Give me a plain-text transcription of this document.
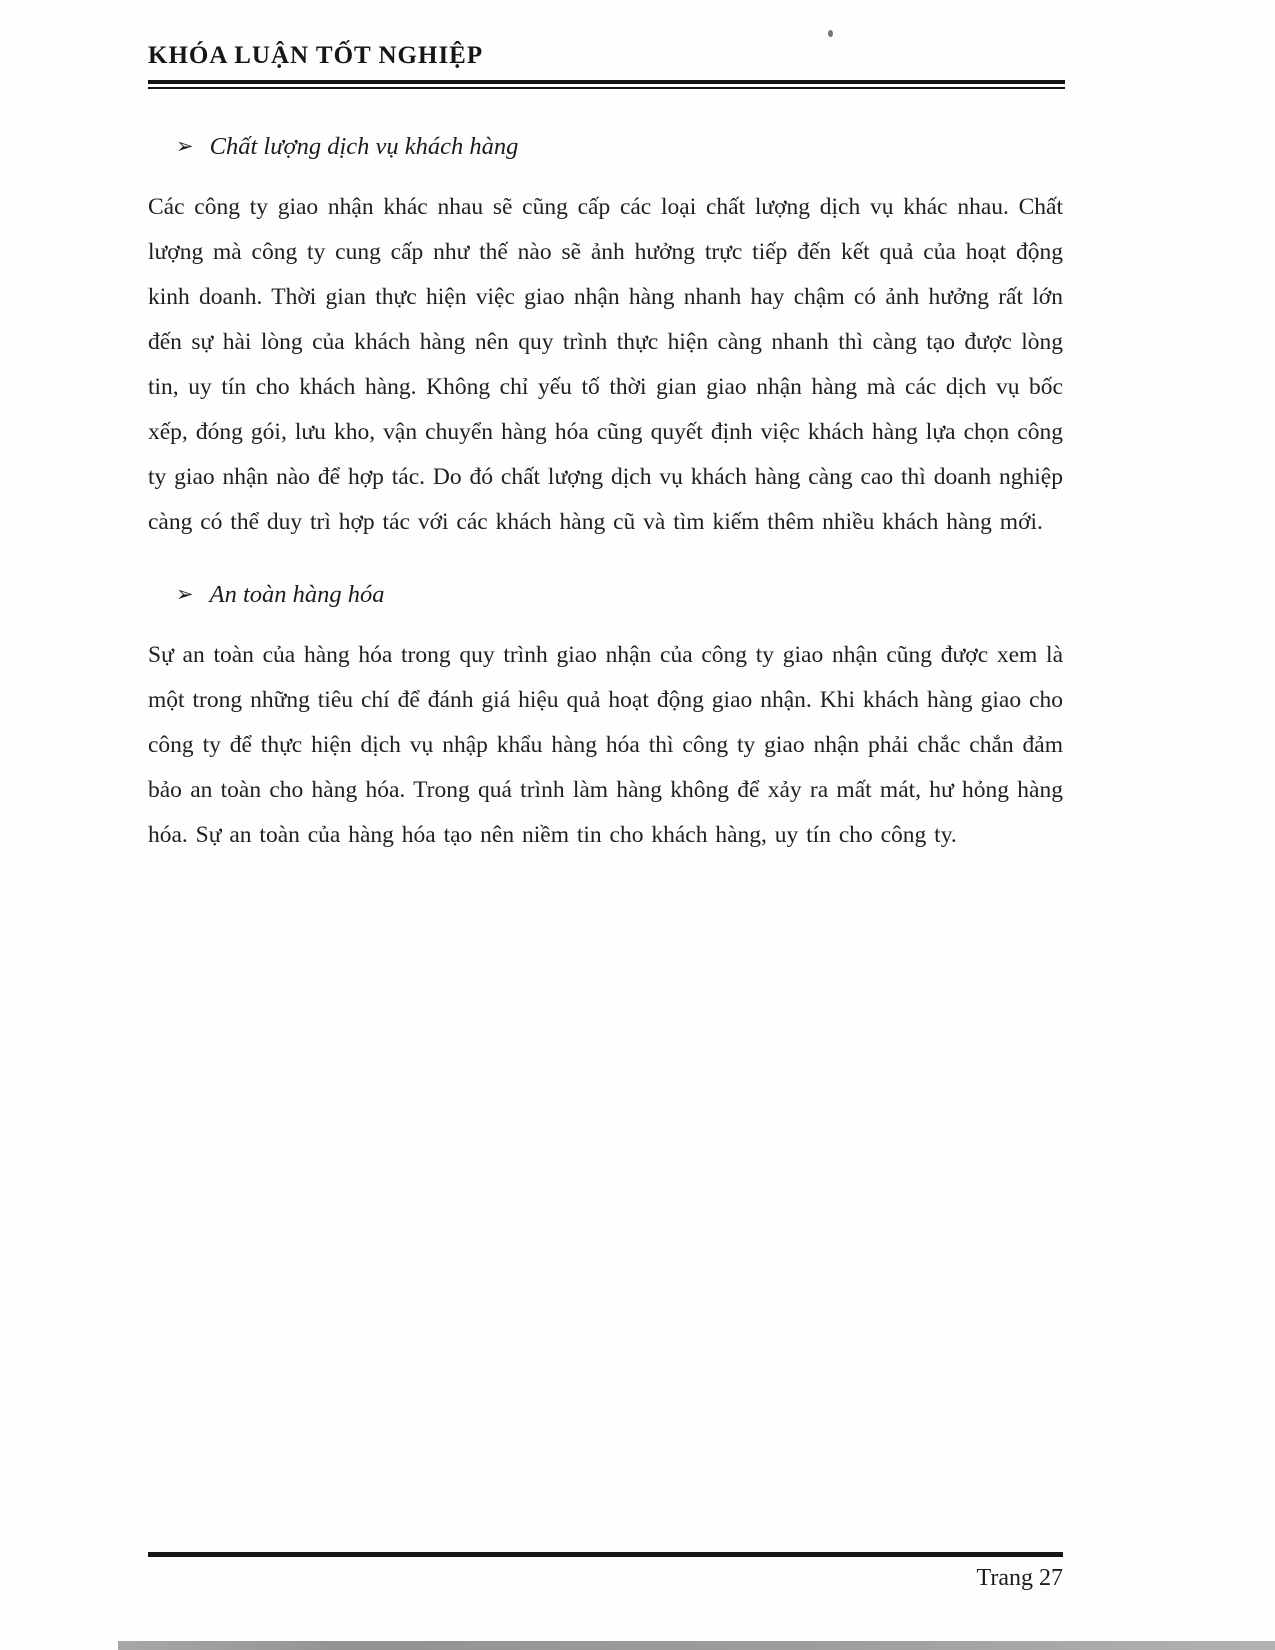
KHÓA LUẬN TỐT NGHIỆP
➢ Chất lượng dịch vụ khách hàng

Các công ty giao nhận khác nhau sẽ cũng cấp các loại chất lượng dịch vụ khác nhau. Chất lượng mà công ty cung cấp như thế nào sẽ ảnh hưởng trực tiếp đến kết quả của hoạt động kinh doanh. Thời gian thực hiện việc giao nhận hàng nhanh hay chậm có ảnh hưởng rất lớn đến sự hài lòng của khách hàng nên quy trình thực hiện càng nhanh thì càng tạo được lòng tin, uy tín cho khách hàng. Không chỉ yếu tố thời gian giao nhận hàng mà các dịch vụ bốc xếp, đóng gói, lưu kho, vận chuyển hàng hóa cũng quyết định việc khách hàng lựa chọn công ty giao nhận nào để hợp tác. Do đó chất lượng dịch vụ khách hàng càng cao thì doanh nghiệp càng có thể duy trì hợp tác với các khách hàng cũ và tìm kiếm thêm nhiều khách hàng mới.

➢ An toàn hàng hóa

Sự an toàn của hàng hóa trong quy trình giao nhận của công ty giao nhận cũng được xem là một trong những tiêu chí để đánh giá hiệu quả hoạt động giao nhận. Khi khách hàng giao cho công ty để thực hiện dịch vụ nhập khẩu hàng hóa thì công ty giao nhận phải chắc chắn đảm bảo an toàn cho hàng hóa. Trong quá trình làm hàng không để xảy ra mất mát, hư hỏng hàng hóa. Sự an toàn của hàng hóa tạo nên niềm tin cho khách hàng, uy tín cho công ty.

Trang 27
